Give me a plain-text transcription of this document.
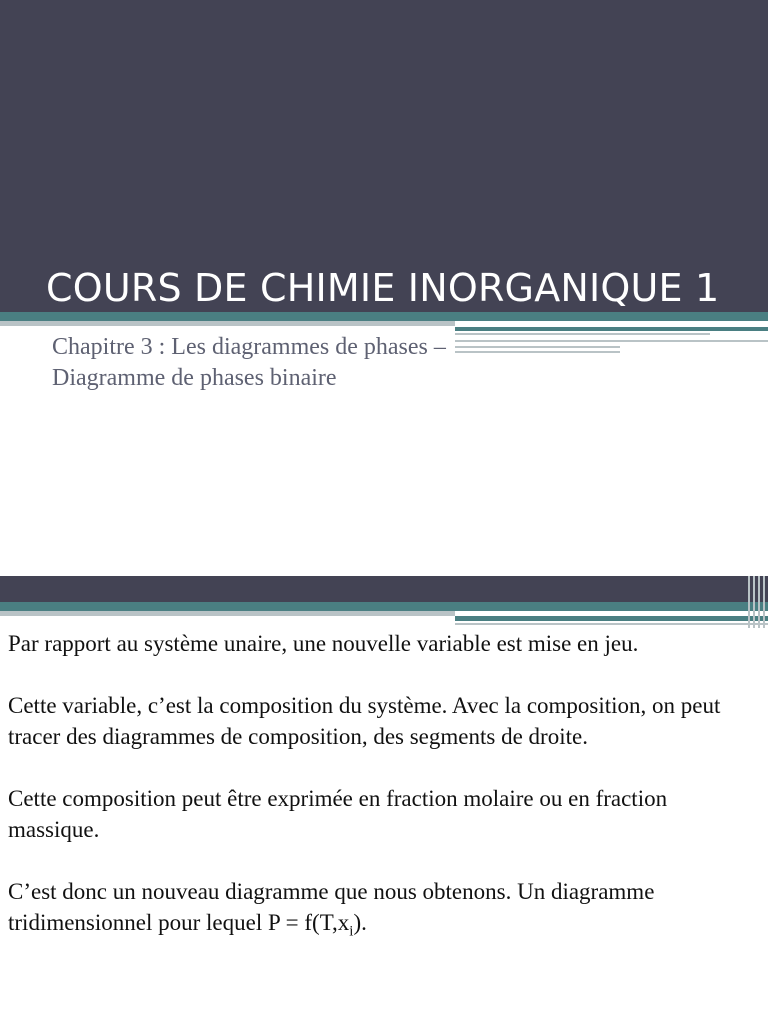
COURS DE CHIMIE INORGANIQUE 1
Chapitre 3 : Les diagrammes de phases – Diagramme de phases binaire

Par rapport au système unaire, une nouvelle variable est mise en jeu.

Cette variable, c’est la composition du système. Avec la composition, on peut tracer des diagrammes de composition, des segments de droite.

Cette composition peut être exprimée en fraction molaire ou en fraction massique.

C’est donc un nouveau diagramme que nous obtenons. Un diagramme tridimensionnel pour lequel $P = f(T,x_i)$.
